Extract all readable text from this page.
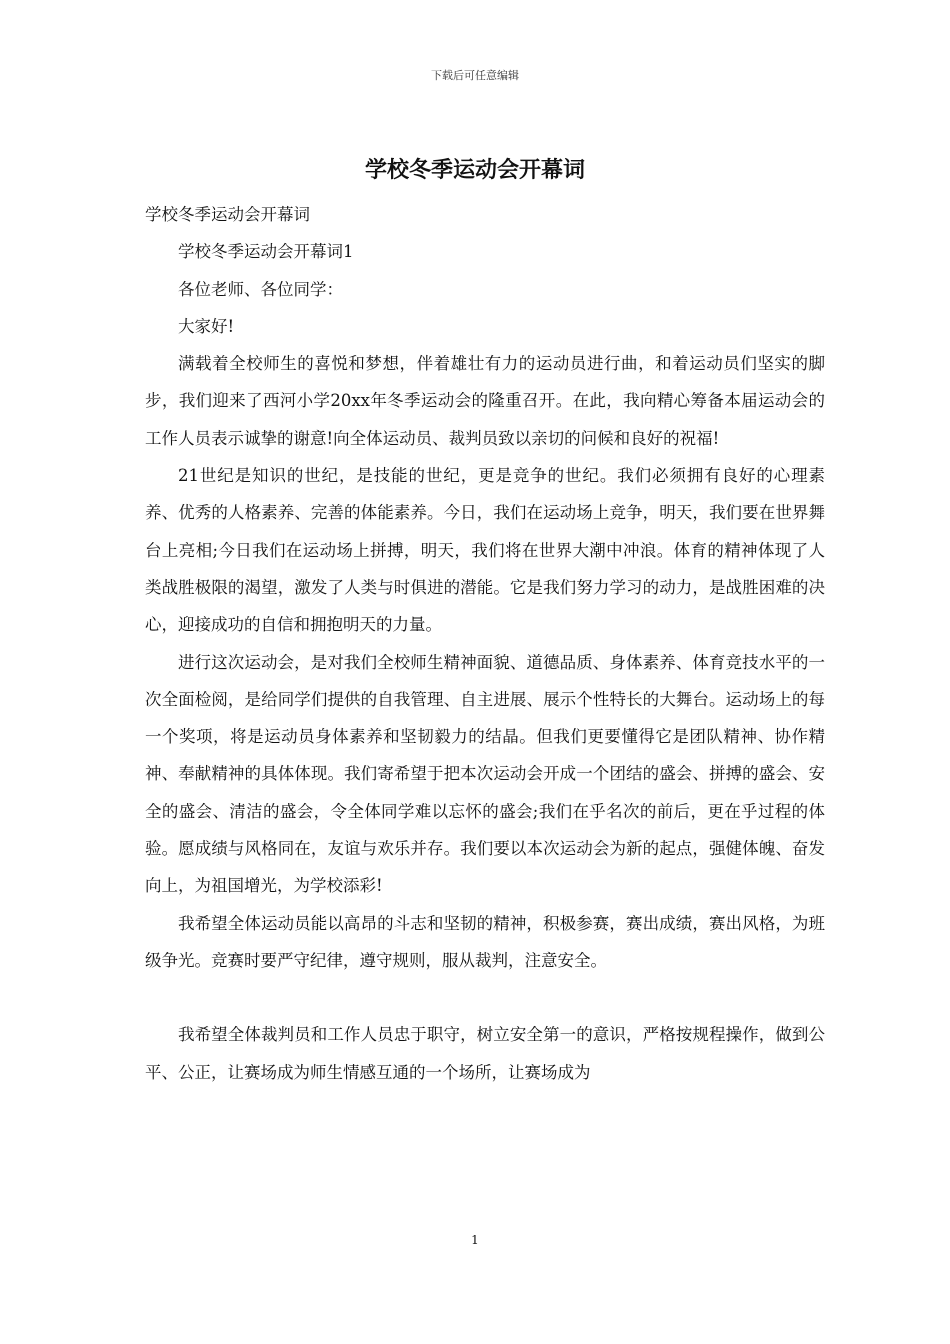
下载后可任意编辑
学校冬季运动会开幕词

学校冬季运动会开幕词

学校冬季运动会开幕词1

各位老师、各位同学：

大家好!

满载着全校师生的喜悦和梦想，伴着雄壮有力的运动员进行曲，和着运动员们坚实的脚步，我们迎来了西河小学20xx年冬季运动会的隆重召开。在此，我向精心筹备本届运动会的工作人员表示诚挚的谢意!向全体运动员、裁判员致以亲切的问候和良好的祝福!

21世纪是知识的世纪，是技能的世纪，更是竞争的世纪。我们必须拥有良好的心理素养、优秀的人格素养、完善的体能素养。今日，我们在运动场上竞争，明天，我们要在世界舞台上亮相;今日我们在运动场上拼搏，明天，我们将在世界大潮中冲浪。体育的精神体现了人类战胜极限的渴望，激发了人类与时俱进的潜能。它是我们努力学习的动力，是战胜困难的决心，迎接成功的自信和拥抱明天的力量。

进行这次运动会，是对我们全校师生精神面貌、道德品质、身体素养、体育竞技水平的一次全面检阅，是给同学们提供的自我管理、自主进展、展示个性特长的大舞台。运动场上的每一个奖项，将是运动员身体素养和坚韧毅力的结晶。但我们更要懂得它是团队精神、协作精神、奉献精神的具体体现。我们寄希望于把本次运动会开成一个团结的盛会、拼搏的盛会、安全的盛会、清洁的盛会，令全体同学难以忘怀的盛会;我们在乎名次的前后，更在乎过程的体验。愿成绩与风格同在，友谊与欢乐并存。我们要以本次运动会为新的起点，强健体魄、奋发向上，为祖国增光，为学校添彩!

我希望全体运动员能以高昂的斗志和坚韧的精神，积极参赛，赛出成绩，赛出风格，为班级争光。竞赛时要严守纪律，遵守规则，服从裁判，注意安全。

我希望全体裁判员和工作人员忠于职守，树立安全第一的意识，严格按规程操作，做到公平、公正，让赛场成为师生情感互通的一个场所，让赛场成为

1
